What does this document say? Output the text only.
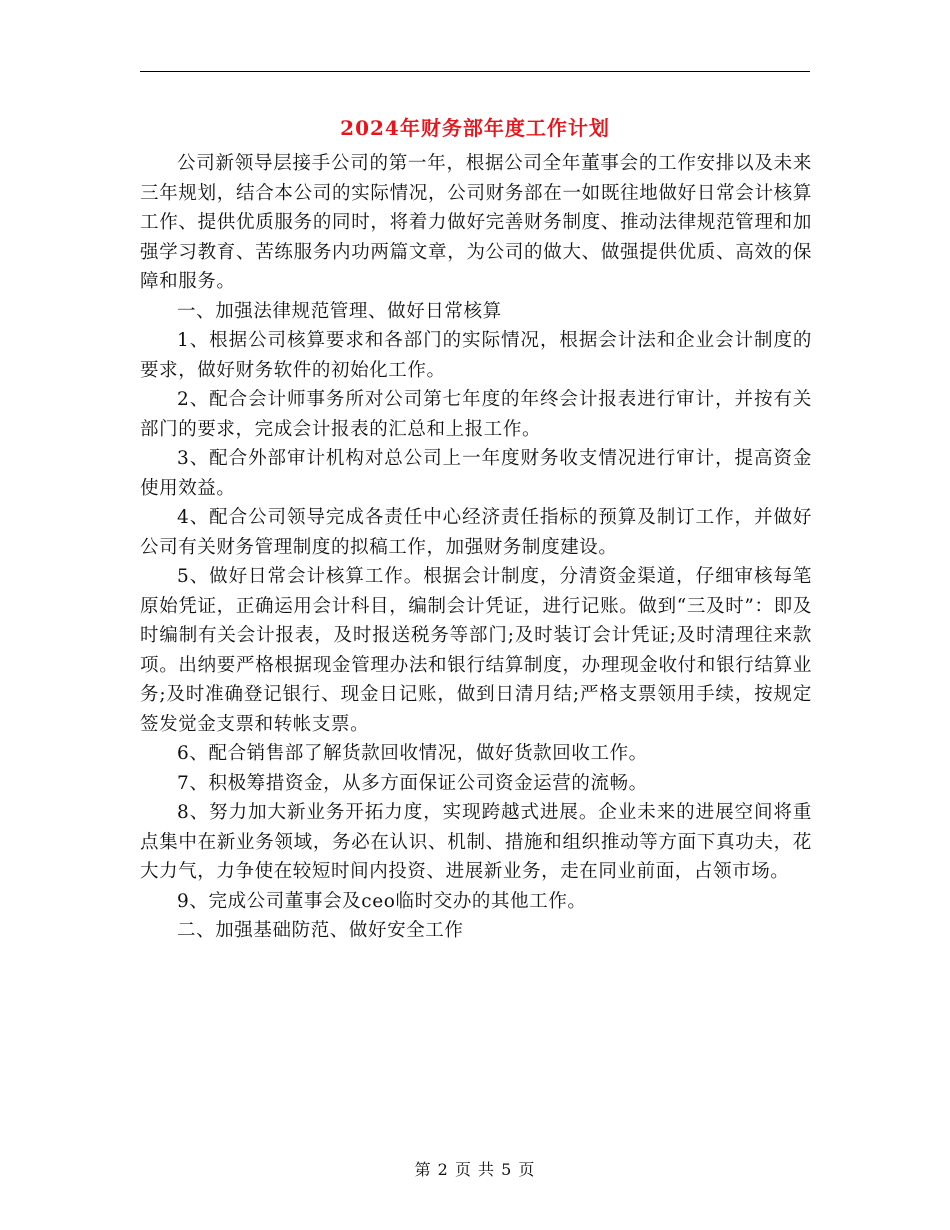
2024年财务部年度工作计划

公司新领导层接手公司的第一年，根据公司全年董事会的工作安排以及未来三年规划，结合本公司的实际情况，公司财务部在一如既往地做好日常会计核算工作、提供优质服务的同时，将着力做好完善财务制度、推动法律规范管理和加强学习教育、苦练服务内功两篇文章，为公司的做大、做强提供优质、高效的保障和服务。

一、加强法律规范管理、做好日常核算

1、根据公司核算要求和各部门的实际情况，根据会计法和企业会计制度的要求，做好财务软件的初始化工作。

2、配合会计师事务所对公司第七年度的年终会计报表进行审计，并按有关部门的要求，完成会计报表的汇总和上报工作。

3、配合外部审计机构对总公司上一年度财务收支情况进行审计，提高资金使用效益。

4、配合公司领导完成各责任中心经济责任指标的预算及制订工作，并做好公司有关财务管理制度的拟稿工作，加强财务制度建设。

5、做好日常会计核算工作。根据会计制度，分清资金渠道，仔细审核每笔原始凭证，正确运用会计科目，编制会计凭证，进行记账。做到“三及时”：即及时编制有关会计报表，及时报送税务等部门;及时装订会计凭证;及时清理往来款项。出纳要严格根据现金管理办法和银行结算制度，办理现金收付和银行结算业务;及时准确登记银行、现金日记账，做到日清月结;严格支票领用手续，按规定签发觉金支票和转帐支票。

6、配合销售部了解货款回收情况，做好货款回收工作。

7、积极筹措资金，从多方面保证公司资金运营的流畅。

8、努力加大新业务开拓力度，实现跨越式进展。企业未来的进展空间将重点集中在新业务领域，务必在认识、机制、措施和组织推动等方面下真功夫，花大力气，力争使在较短时间内投资、进展新业务，走在同业前面，占领市场。

9、完成公司董事会及ceo临时交办的其他工作。

二、加强基础防范、做好安全工作

第 2 页 共 5 页
